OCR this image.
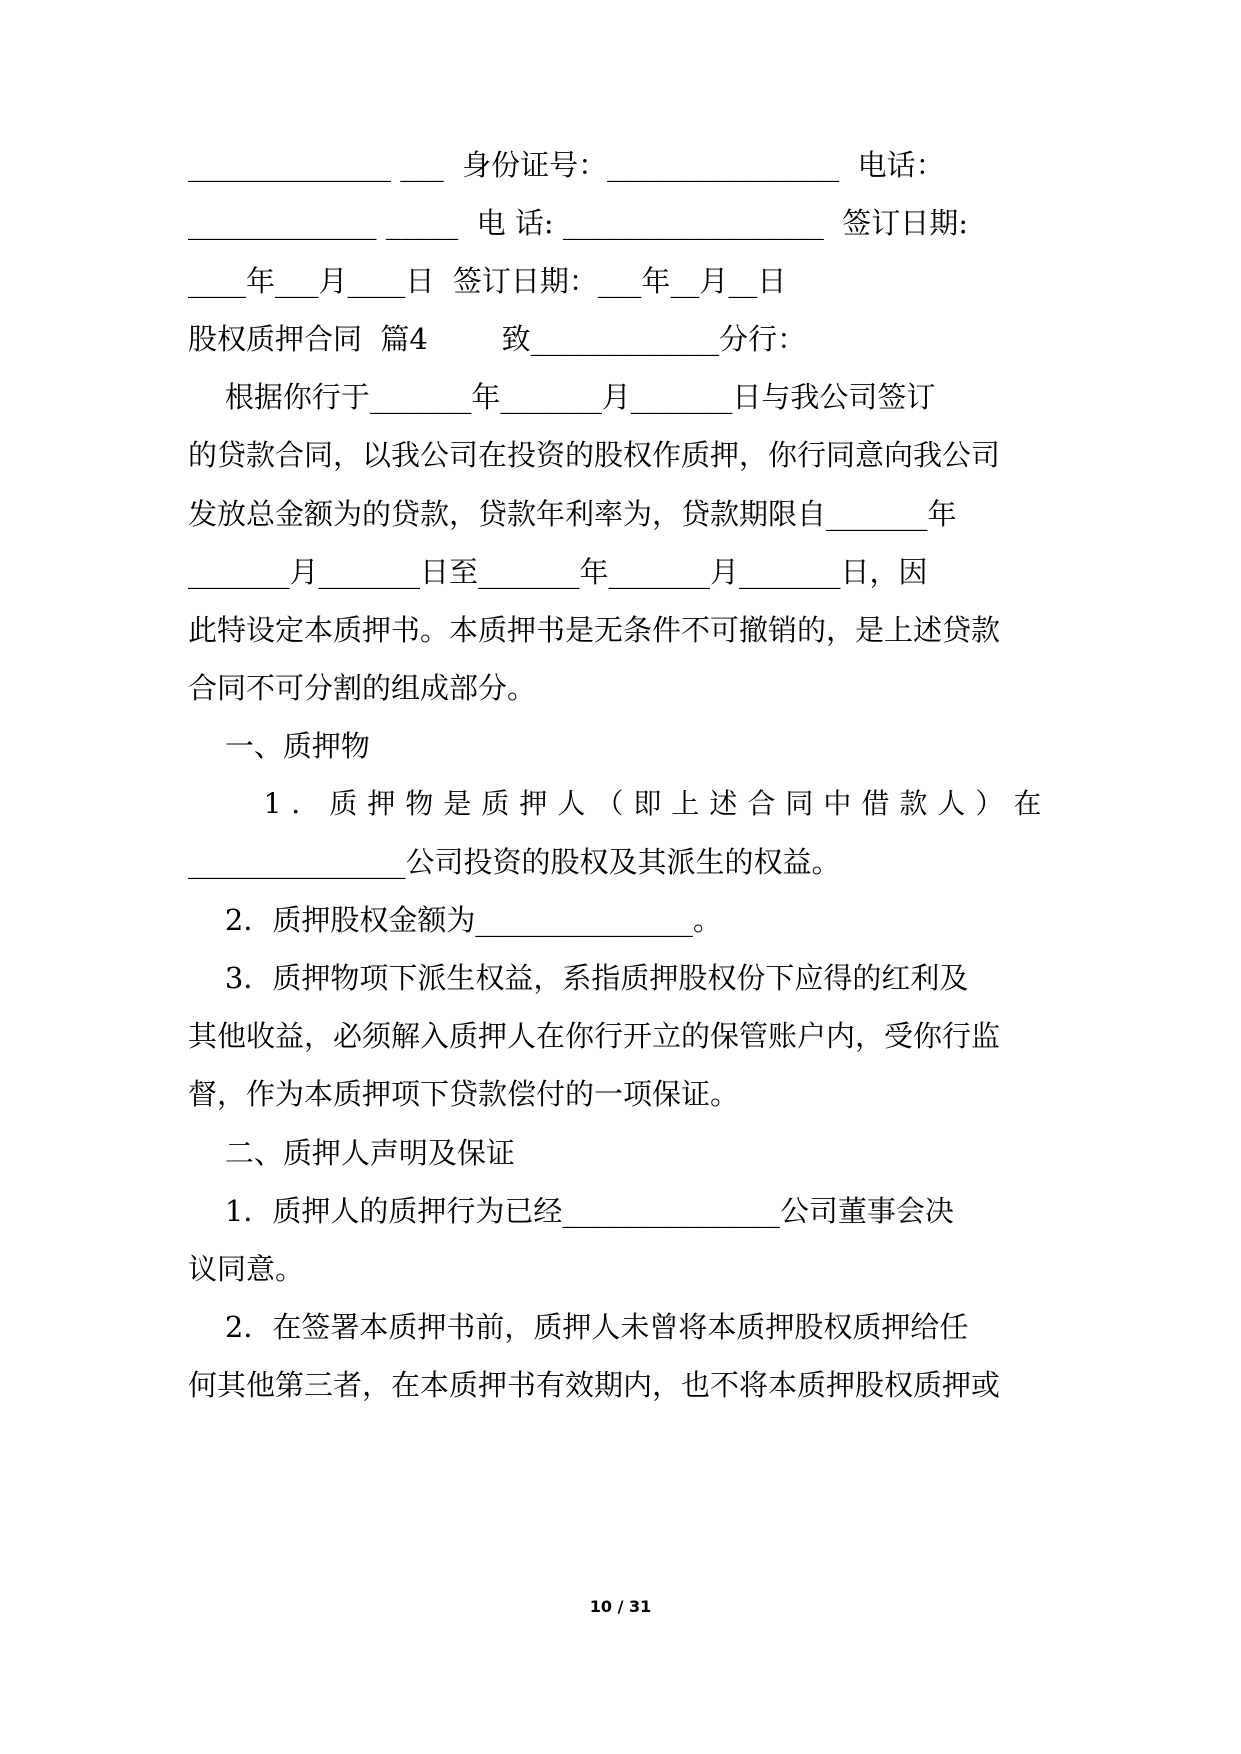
______________ ___  身份证号：________________  电话：
_____________ _____  电 话: __________________  签订日期:
____年___月____日  签订日期：___年__月__日
股权质押合同  篇4        致_____________分行：
根据你行于_______年_______月_______日与我公司签订
的贷款合同，以我公司在投资的股权作质押，你行同意向我公司
发放总金额为的贷款，贷款年利率为，贷款期限自_______年
_______月_______日至_______年_______月_______日，因
此特设定本质押书。本质押书是无条件不可撤销的，是上述贷款
合同不可分割的组成部分。
一、质押物
1．质押物是质押人（即上述合同中借款人）在
_______________公司投资的股权及其派生的权益。
2．质押股权金额为_______________。
3．质押物项下派生权益，系指质押股权份下应得的红利及
其他收益，必须解入质押人在你行开立的保管账户内，受你行监
督，作为本质押项下贷款偿付的一项保证。
二、质押人声明及保证
1．质押人的质押行为已经_______________公司董事会决
议同意。
2．在签署本质押书前，质押人未曾将本质押股权质押给任
何其他第三者，在本质押书有效期内，也不将本质押股权质押或
10 / 31
